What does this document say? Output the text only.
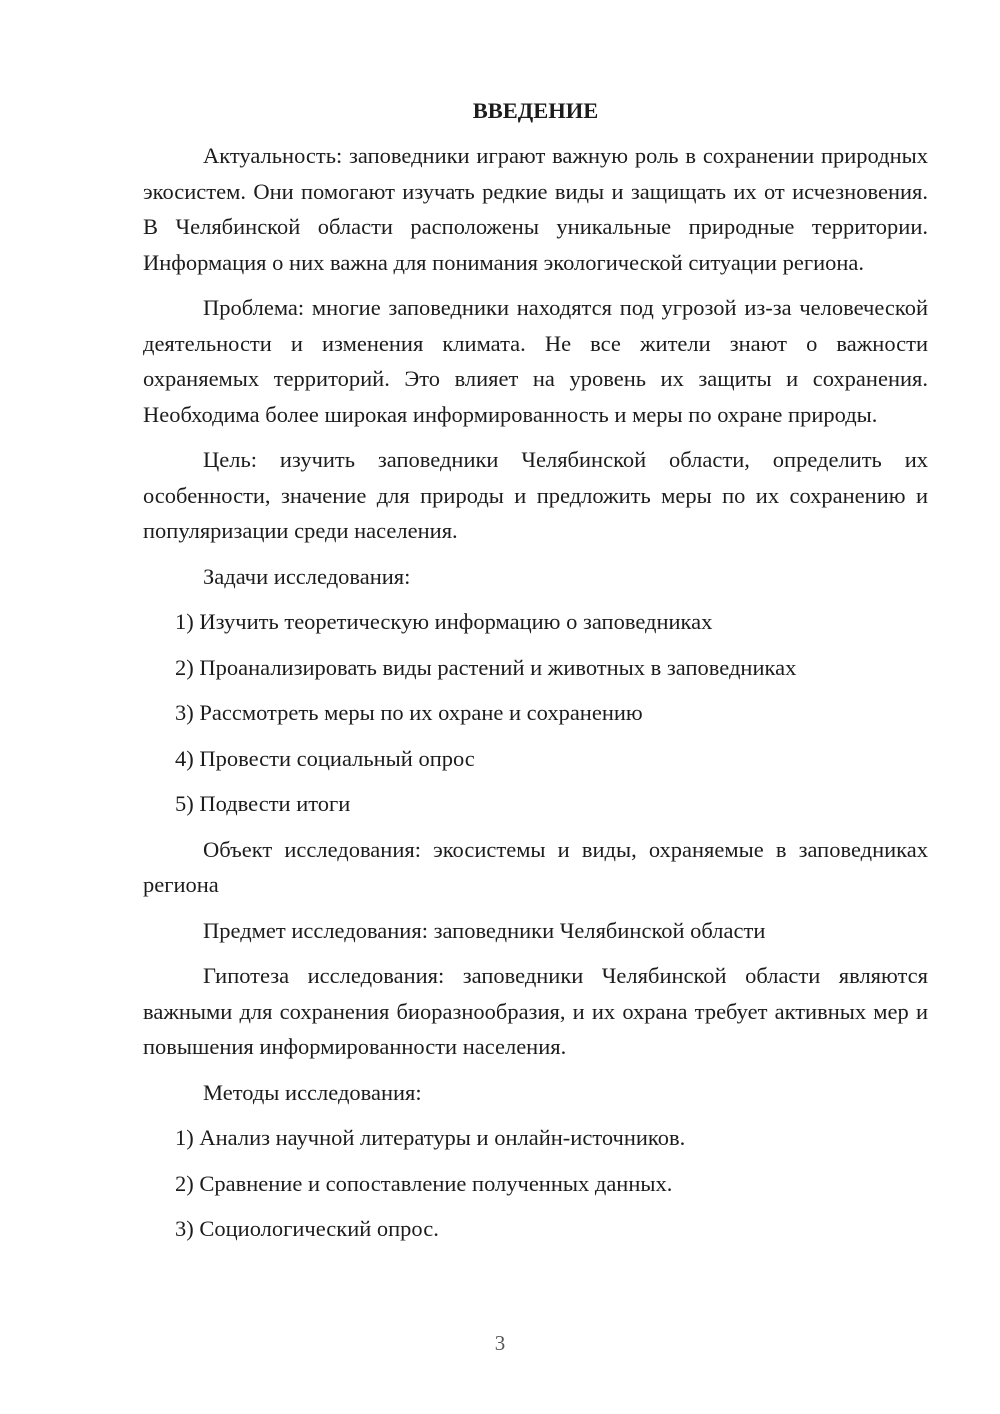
ВВЕДЕНИЕ

Актуальность: заповедники играют важную роль в сохранении природных экосистем. Они помогают изучать редкие виды и защищать их от исчезновения. В Челябинской области расположены уникальные природные территории. Информация о них важна для понимания экологической ситуации региона.

Проблема: многие заповедники находятся под угрозой из-за человеческой деятельности и изменения климата. Не все жители знают о важности охраняемых территорий. Это влияет на уровень их защиты и сохранения. Необходима более широкая информированность и меры по охране природы.

Цель: изучить заповедники Челябинской области, определить их особенности, значение для природы и предложить меры по их сохранению и популяризации среди населения.

Задачи исследования:

1) Изучить теоретическую информацию о заповедниках
2) Проанализировать виды растений и животных в заповедниках
3) Рассмотреть меры по их охране и сохранению
4) Провести социальный опрос
5) Подвести итоги

Объект исследования: экосистемы и виды, охраняемые в заповедниках региона

Предмет исследования: заповедники Челябинской области

Гипотеза исследования: заповедники Челябинской области являются важными для сохранения биоразнообразия, и их охрана требует активных мер и повышения информированности населения.

Методы исследования:

1) Анализ научной литературы и онлайн-источников.
2) Сравнение и сопоставление полученных данных.
3) Социологический опрос.
3
